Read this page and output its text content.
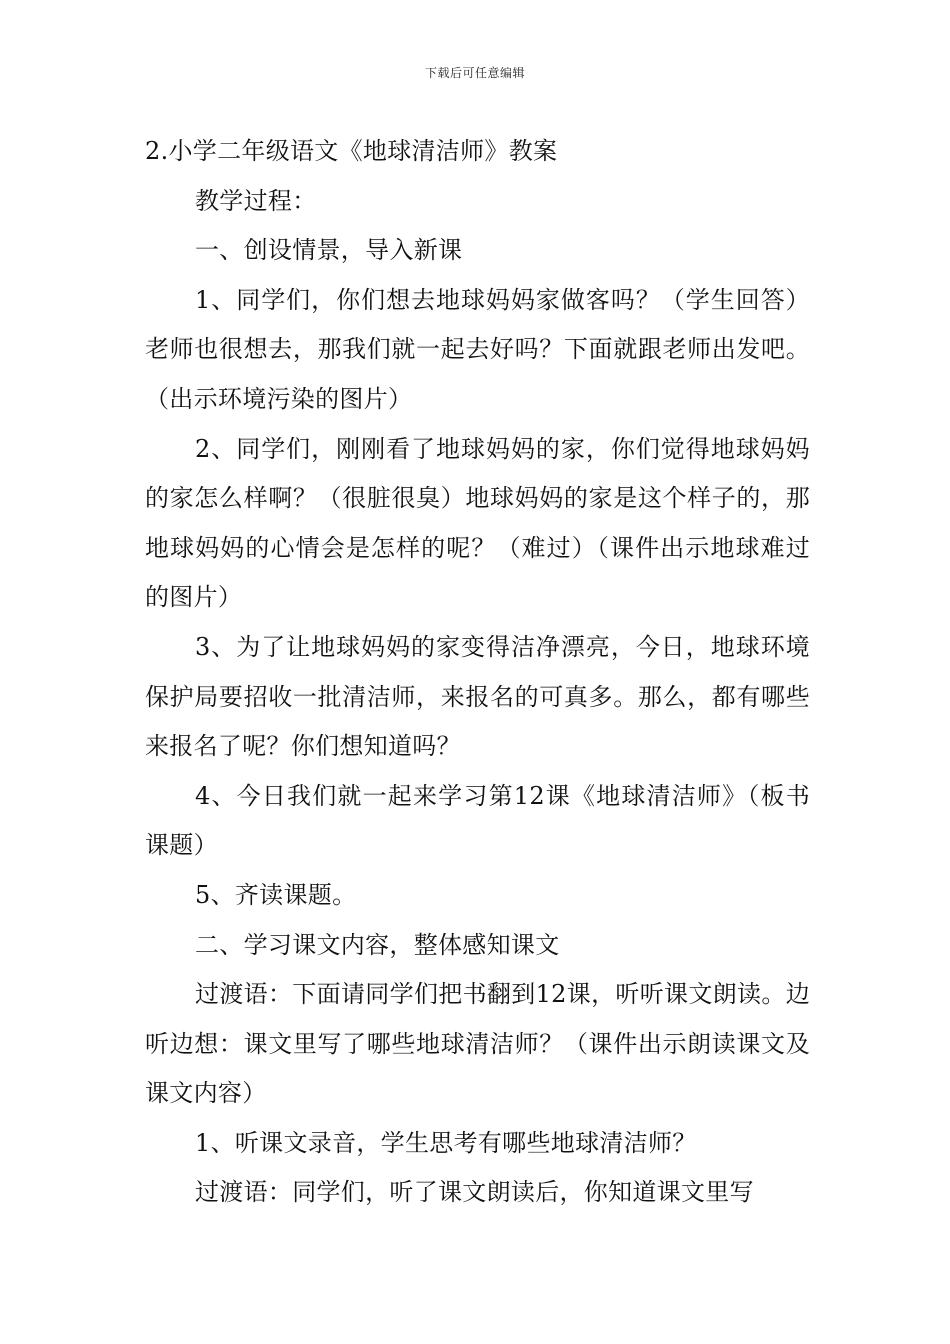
下载后可任意编辑

2.小学二年级语文《地球清洁师》教案

教学过程：

一、创设情景，导入新课

1、同学们，你们想去地球妈妈家做客吗？（学生回答）老师也很想去，那我们就一起去好吗？下面就跟老师出发吧。（出示环境污染的图片）

2、同学们，刚刚看了地球妈妈的家，你们觉得地球妈妈的家怎么样啊？（很脏很臭）地球妈妈的家是这个样子的，那地球妈妈的心情会是怎样的呢？（难过）（课件出示地球难过的图片）

3、为了让地球妈妈的家变得洁净漂亮，今日，地球环境保护局要招收一批清洁师，来报名的可真多。那么，都有哪些来报名了呢？你们想知道吗？

4、今日我们就一起来学习第12课《地球清洁师》（板书课题）

5、齐读课题。

二、学习课文内容，整体感知课文

过渡语：下面请同学们把书翻到12课，听听课文朗读。边听边想：课文里写了哪些地球清洁师？（课件出示朗读课文及课文内容）

1、听课文录音，学生思考有哪些地球清洁师？

过渡语：同学们，听了课文朗读后，你知道课文里写
